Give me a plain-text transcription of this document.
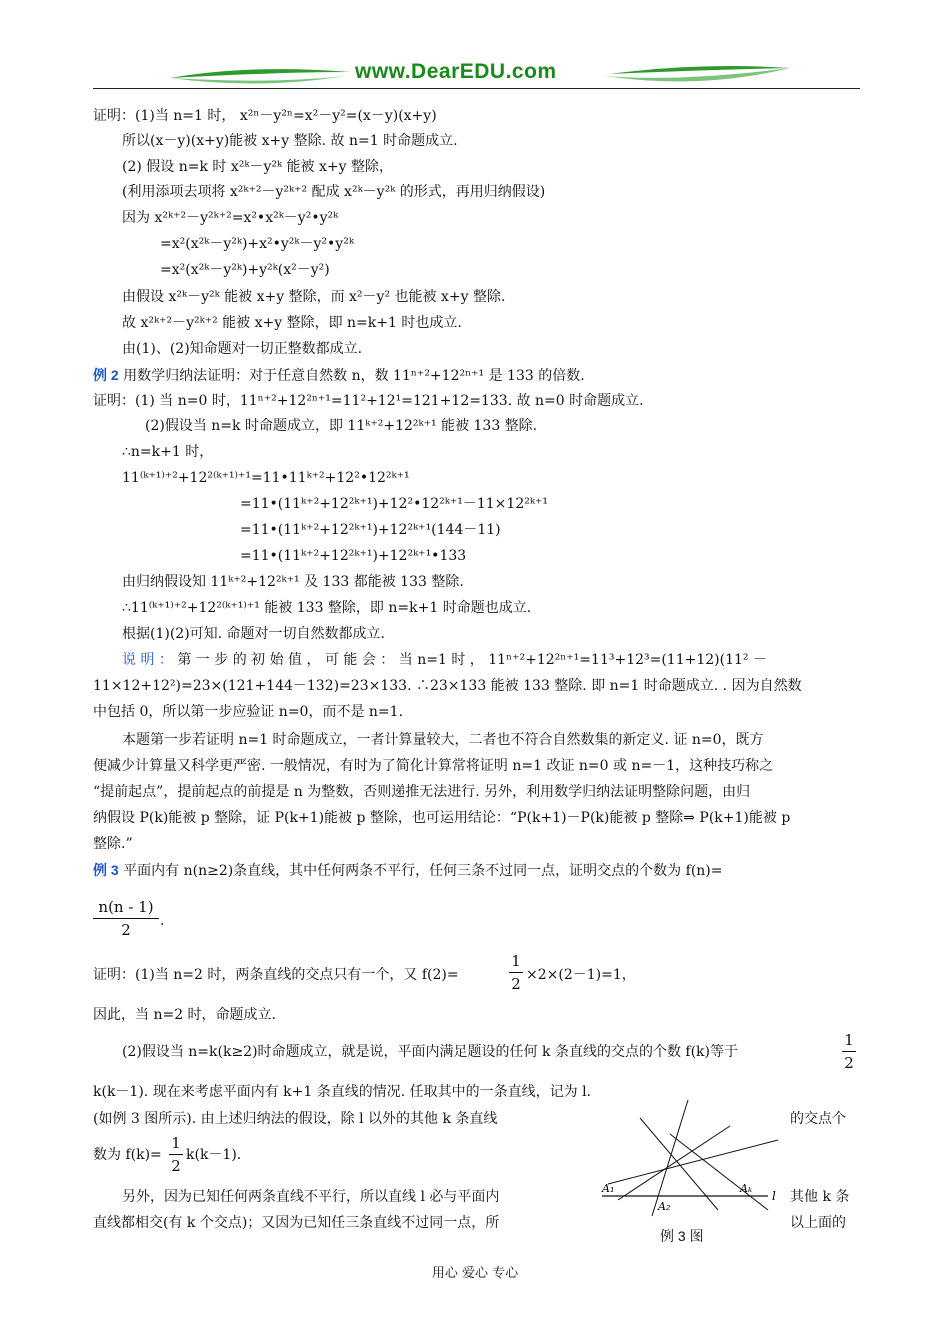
www.DearEDU.com
证明：(1)当 n=1 时， x²ⁿ－y²ⁿ=x²－y²=(x－y)(x+y)
所以(x－y)(x+y)能被 x+y 整除. 故 n=1 时命题成立.
(2) 假设 n=k 时 x²ᵏ－y²ᵏ 能被 x+y 整除，
(利用添项去项将 x²ᵏ⁺²－y²ᵏ⁺² 配成 x²ᵏ－y²ᵏ 的形式，再用归纳假设)
因为 x²ᵏ⁺²－y²ᵏ⁺²=x²•x²ᵏ－y²•y²ᵏ
=x²(x²ᵏ－y²ᵏ)+x²•y²ᵏ－y²•y²ᵏ
=x²(x²ᵏ－y²ᵏ)+y²ᵏ(x²－y²)
由假设 x²ᵏ－y²ᵏ 能被 x+y 整除，而 x²－y² 也能被 x+y 整除.
故 x²ᵏ⁺²－y²ᵏ⁺² 能被 x+y 整除，即 n=k+1 时也成立.
由(1)、(2)知命题对一切正整数都成立.
例 2 用数学归纳法证明：对于任意自然数 n，数 11ⁿ⁺²+12²ⁿ⁺¹ 是 133 的倍数.
证明：(1) 当 n=0 时，11ⁿ⁺²+12²ⁿ⁺¹=11²+12¹=121+12=133. 故 n=0 时命题成立.
(2)假设当 n=k 时命题成立，即 11ᵏ⁺²+12²ᵏ⁺¹ 能被 133 整除.
∴n=k+1 时，
11⁽ᵏ⁺¹⁾⁺²+12²⁽ᵏ⁺¹⁾⁺¹=11•11ᵏ⁺²+12²•12²ᵏ⁺¹
=11•(11ᵏ⁺²+12²ᵏ⁺¹)+12²•12²ᵏ⁺¹－11×12²ᵏ⁺¹
=11•(11ᵏ⁺²+12²ᵏ⁺¹)+12²ᵏ⁺¹(144－11)
=11•(11ᵏ⁺²+12²ᵏ⁺¹)+12²ᵏ⁺¹•133
由归纳假设知 11ᵏ⁺²+12²ᵏ⁺¹ 及 133 都能被 133 整除.
∴11⁽ᵏ⁺¹⁾⁺²+12²⁽ᵏ⁺¹⁾⁺¹ 能被 133 整除，即 n=k+1 时命题也成立.
根据(1)(2)可知. 命题对一切自然数都成立.
说 明 ： 第 一 步 的 初 始 值 ， 可 能 会 ： 当 n=1 时 ， 11ⁿ⁺²+12²ⁿ⁺¹=11³+12³=(11+12)(11² －
11×12+12²)=23×(121+144－132)=23×133. ∴23×133 能被 133 整除. 即 n=1 时命题成立. . 因为自然数
中包括 0，所以第一步应验证 n=0，而不是 n=1.
本题第一步若证明 n=1 时命题成立，一者计算量较大，二者也不符合自然数集的新定义. 证 n=0，既方
便减少计算量又科学更严密. 一般情况，有时为了简化计算常将证明 n=1 改证 n=0 或 n=－1，这种技巧称之
“提前起点”，提前起点的前提是 n 为整数，否则递推无法进行. 另外，利用数学归纳法证明整除问题，由归
纳假设 P(k)能被 p 整除，证 P(k+1)能被 p 整除，也可运用结论：“P(k+1)－P(k)能被 p 整除⇒ P(k+1)能被 p
整除.”
例 3 平面内有 n(n≥2)条直线，其中任何两条不平行，任何三条不过同一点，证明交点的个数为 f(n)=
n(n - 1)
2	.
证明：(1)当 n=2 时，两条直线的交点只有一个，又 f(2)=
1
2 ×2×(2－1)=1，
因此，当 n=2 时，命题成立.
(2)假设当 n=k(k≥2)时命题成立，就是说，平面内满足题设的任何 k 条直线的交点的个数 f(k)等于
1
2
k(k－1). 现在来考虑平面内有 k+1 条直线的情况. 任取其中的一条直线，记为 l.
(如例 3 图所示). 由上述归纳法的假设，除 l 以外的其他 k 条直线	的交点个
数为 f(k)=
1
2
k(k－1).
另外，因为已知任何两条直线不平行，所以直线 l 必与平面内	其他 k 条
直线都相交(有 k 个交点)；又因为已知任三条直线不过同一点，所	以上面的
A₁
A₂
Aₖ
l
例 3 图
用心 爱心 专心
